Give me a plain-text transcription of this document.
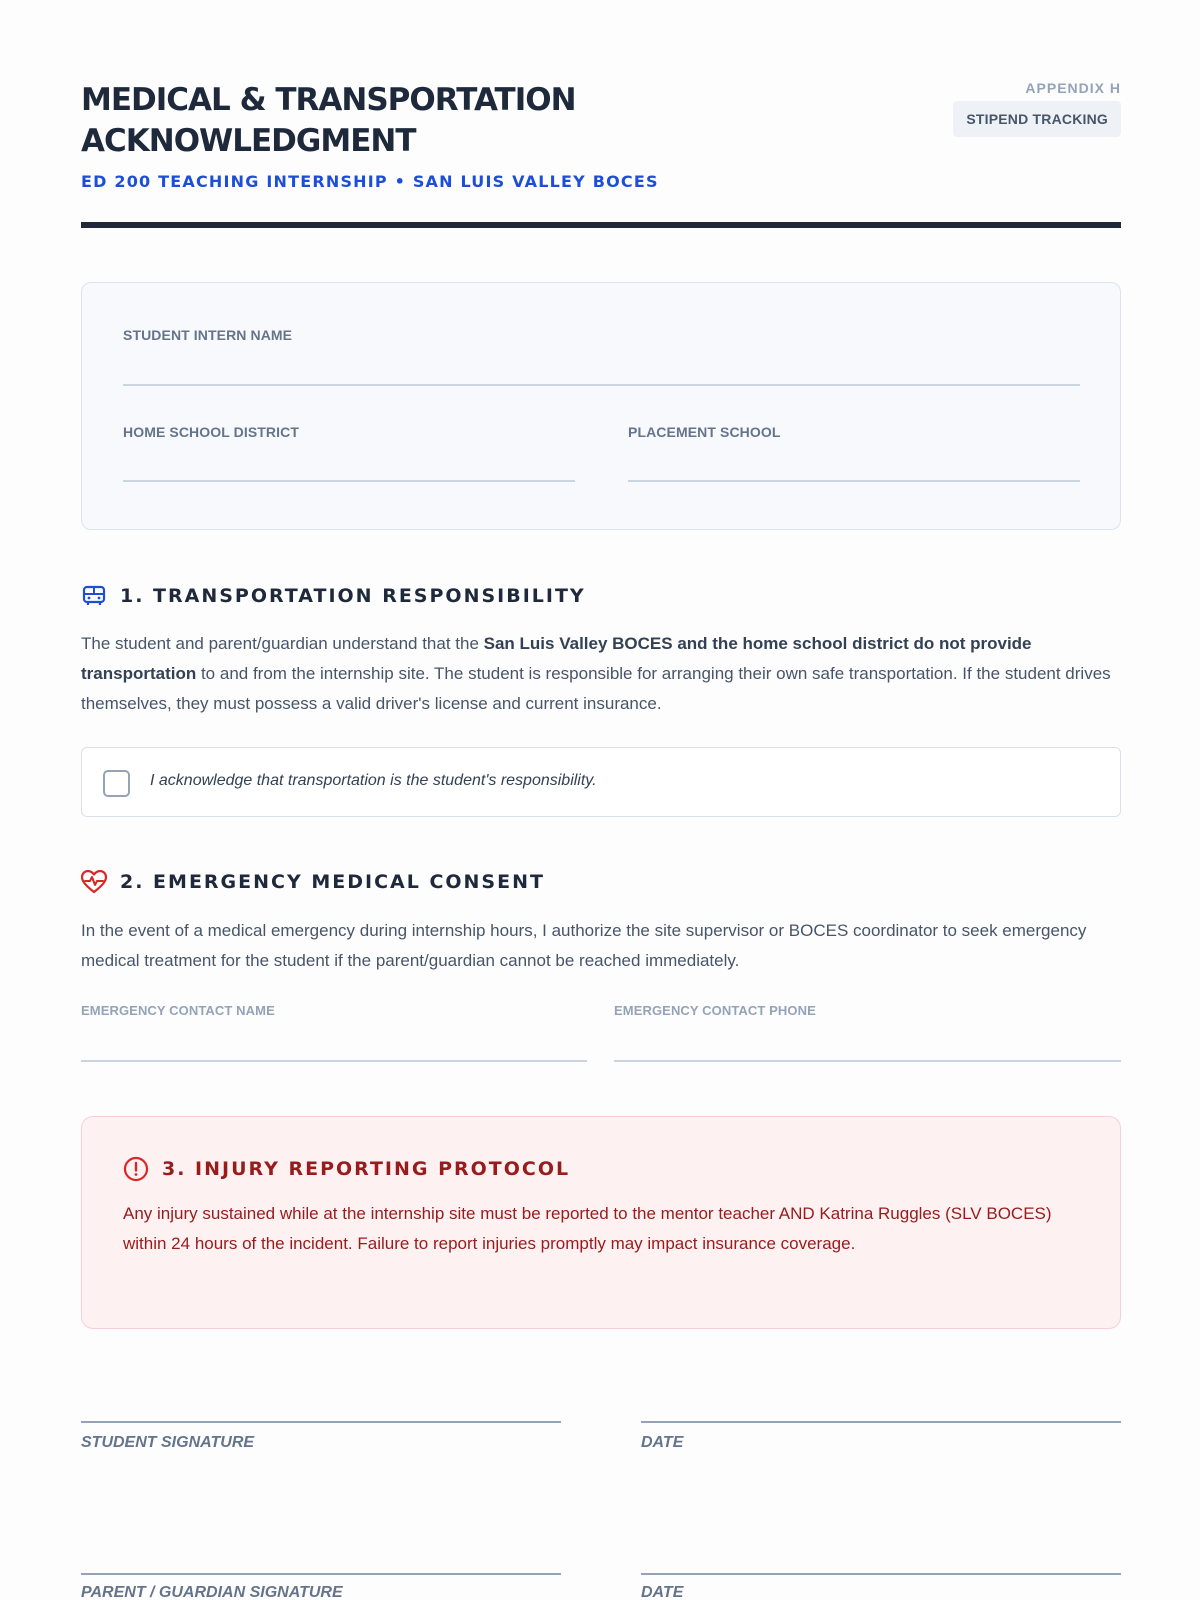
MEDICAL & TRANSPORTATION
ACKNOWLEDGMENT
ED 200 TEACHING INTERNSHIP • SAN LUIS VALLEY BOCES
APPENDIX H
STIPEND TRACKING
STUDENT INTERN NAME
HOME SCHOOL DISTRICT	PLACEMENT SCHOOL
1. TRANSPORTATION RESPONSIBILITY
The student and parent/guardian understand that the San Luis Valley BOCES and the home school district do not provide transportation to and from the internship site. The student is responsible for arranging their own safe transportation. If the student drives themselves, they must possess a valid driver's license and current insurance.
I acknowledge that transportation is the student's responsibility.
2. EMERGENCY MEDICAL CONSENT
In the event of a medical emergency during internship hours, I authorize the site supervisor or BOCES coordinator to seek emergency medical treatment for the student if the parent/guardian cannot be reached immediately.
EMERGENCY CONTACT NAME	EMERGENCY CONTACT PHONE
3. INJURY REPORTING PROTOCOL
Any injury sustained while at the internship site must be reported to the mentor teacher AND Katrina Ruggles (SLV BOCES) within 24 hours of the incident. Failure to report injuries promptly may impact insurance coverage.
STUDENT SIGNATURE	DATE
PARENT / GUARDIAN SIGNATURE	DATE
